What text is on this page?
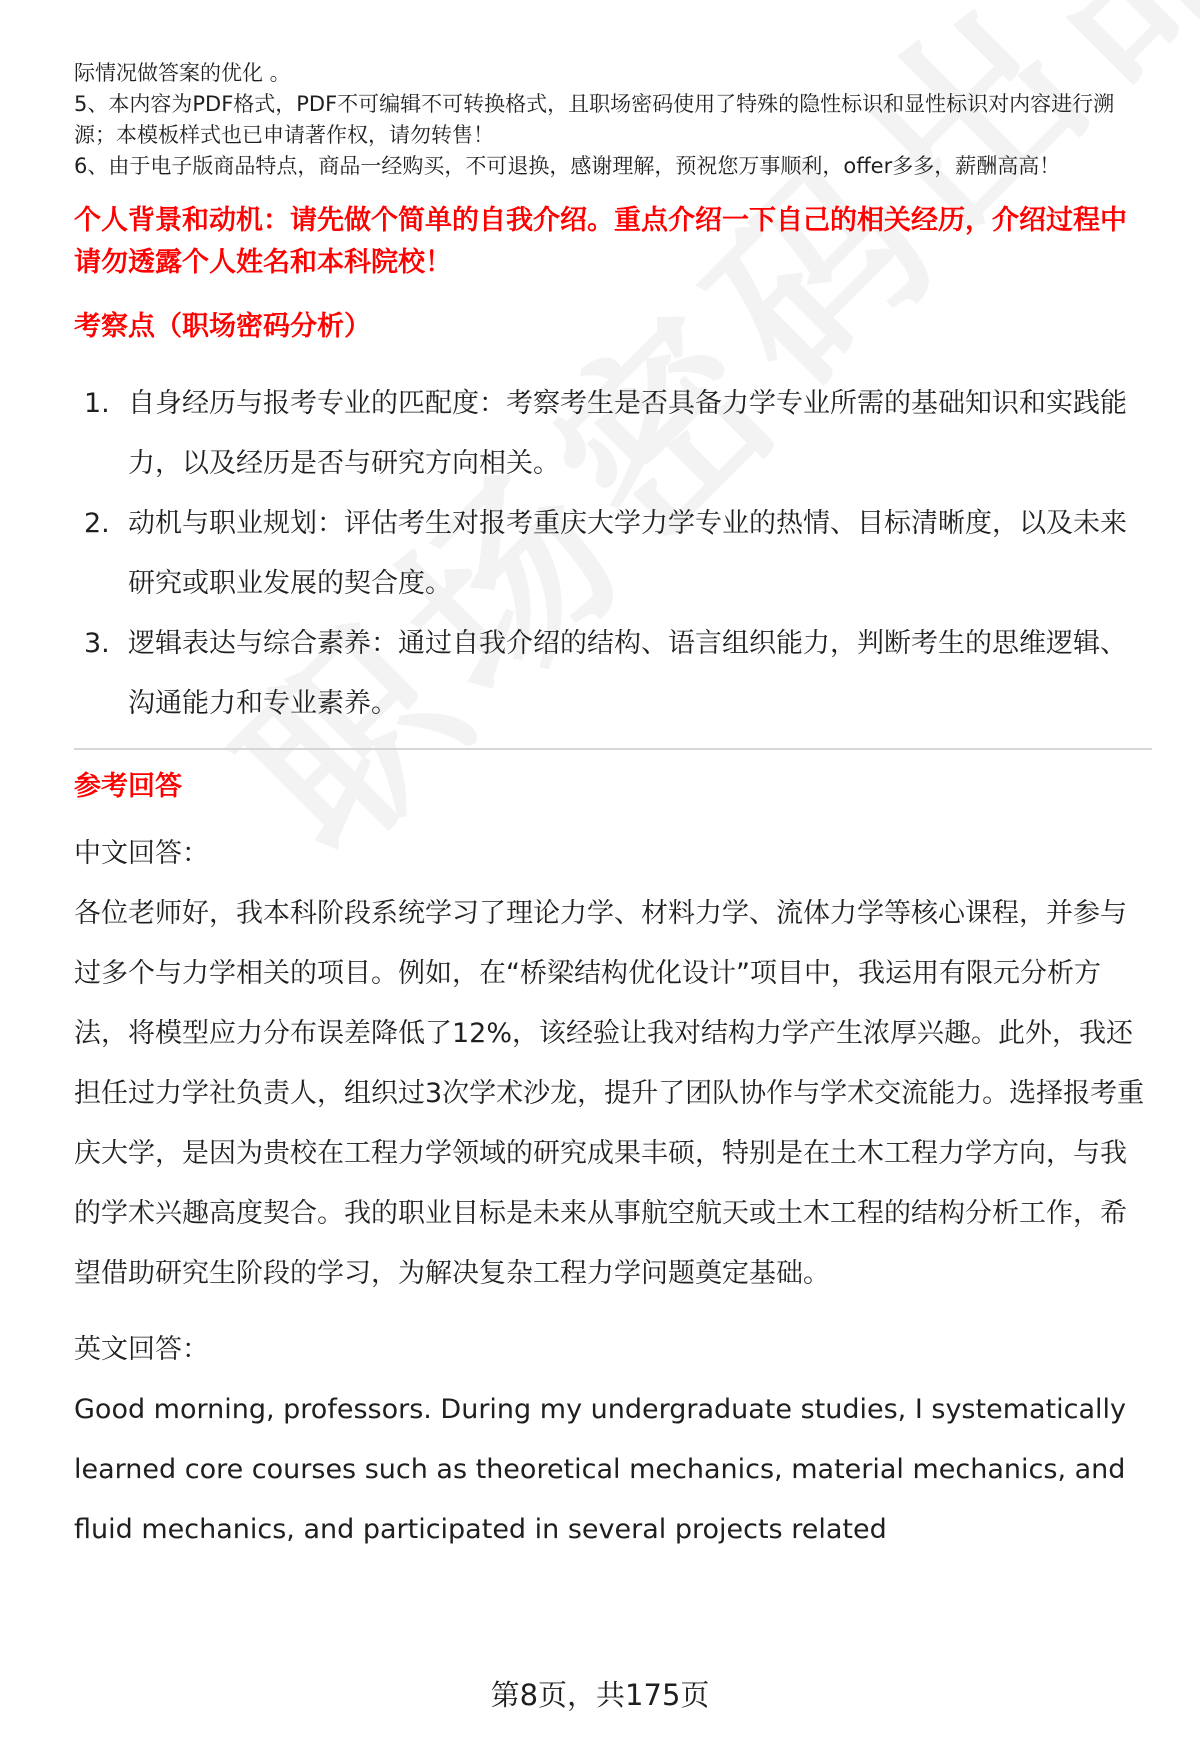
际情况做答案的优化 。

5、本内容为PDF格式，PDF不可编辑不可转换格式，且职场密码使用了特殊的隐性标识和显性标识对内容进行溯源；本模板样式也已申请著作权，请勿转售！

6、由于电子版商品特点，商品一经购买，不可退换，感谢理解，预祝您万事顺利，offer多多，薪酬高高！

个人背景和动机：请先做个简单的自我介绍。重点介绍一下自己的相关经历，介绍过程中请勿透露个人姓名和本科院校！

考察点（职场密码分析）

1. 自身经历与报考专业的匹配度：考察考生是否具备力学专业所需的基础知识和实践能力，以及经历是否与研究方向相关。
2. 动机与职业规划：评估考生对报考重庆大学力学专业的热情、目标清晰度，以及未来研究或职业发展的契合度。
3. 逻辑表达与综合素养：通过自我介绍的结构、语言组织能力，判断考生的思维逻辑、沟通能力和专业素养。

参考回答

中文回答：

各位老师好，我本科阶段系统学习了理论力学、材料力学、流体力学等核心课程，并参与过多个与力学相关的项目。例如，在“桥梁结构优化设计”项目中，我运用有限元分析方法，将模型应力分布误差降低了12%，该经验让我对结构力学产生浓厚兴趣。此外，我还担任过力学社负责人，组织过3次学术沙龙，提升了团队协作与学术交流能力。选择报考重庆大学，是因为贵校在工程力学领域的研究成果丰硕，特别是在土木工程力学方向，与我的学术兴趣高度契合。我的职业目标是未来从事航空航天或土木工程的结构分析工作，希望借助研究生阶段的学习，为解决复杂工程力学问题奠定基础。

英文回答：

Good morning, professors. During my undergraduate studies, I systematically learned core courses such as theoretical mechanics, material mechanics, and fluid mechanics, and participated in several projects related

第8页，共175页
